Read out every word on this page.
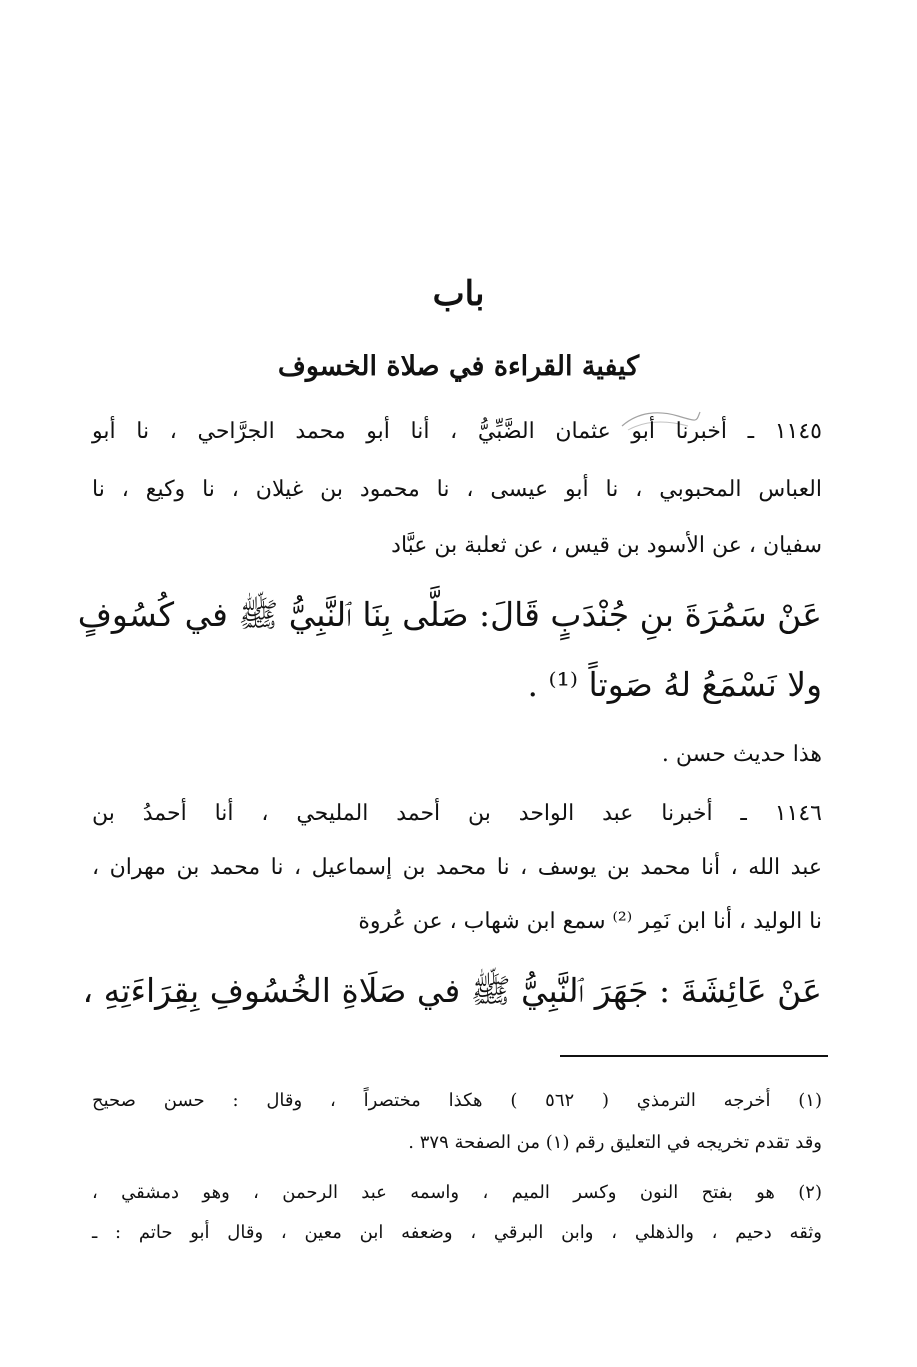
باب
كيفية القراءة في صلاة الخسوف
١١٤٥ ـ أخبرنا أبو عثمان الضَّبِّيُّ ، أنا أبو محمد الجرَّاحي ، نا أبو
العباس المحبوبي ، نا أبو عيسى ، نا محمود بن غيلان ، نا وكيع ، نا
سفيان ، عن الأسود بن قيس ، عن ثعلبة بن عبَّاد
عَنْ سَمُرَةَ بنِ جُنْدَبٍ قَالَ: صَلَّى بِنَا ٱلنَّبِيُّ ﷺ في كُسُوفٍ
ولا نَسْمَعُ لهُ صَوتاً ⁽¹⁾ .
هذا حديث حسن .
١١٤٦ ـ أخبرنا عبد الواحد بن أحمد المليحي ، أنا أحمدُ بن
عبد الله ، أنا محمد بن يوسف ، نا محمد بن إسماعيل ، نا محمد بن مهران ،
نا الوليد ، أنا ابن نَمِر ⁽²⁾ سمع ابن شهاب ، عن عُروة
عَنْ عَائِشَةَ : جَهَرَ ٱلنَّبِيُّ ﷺ في صَلَاةِ الخُسُوفِ بِقِرَاءَتِهِ ،
(١) أخرجه الترمذي ( ٥٦٢ ) هكذا مختصراً ، وقال : حسن صحيح
وقد تقدم تخريجه في التعليق رقم (١) من الصفحة ٣٧٩ .
(٢) هو بفتح النون وكسر الميم ، واسمه عبد الرحمن ، وهو دمشقي ،
وثقه دحيم ، والذهلي ، وابن البرقي ، وضعفه ابن معين ، وقال أبو حاتم : ـ
